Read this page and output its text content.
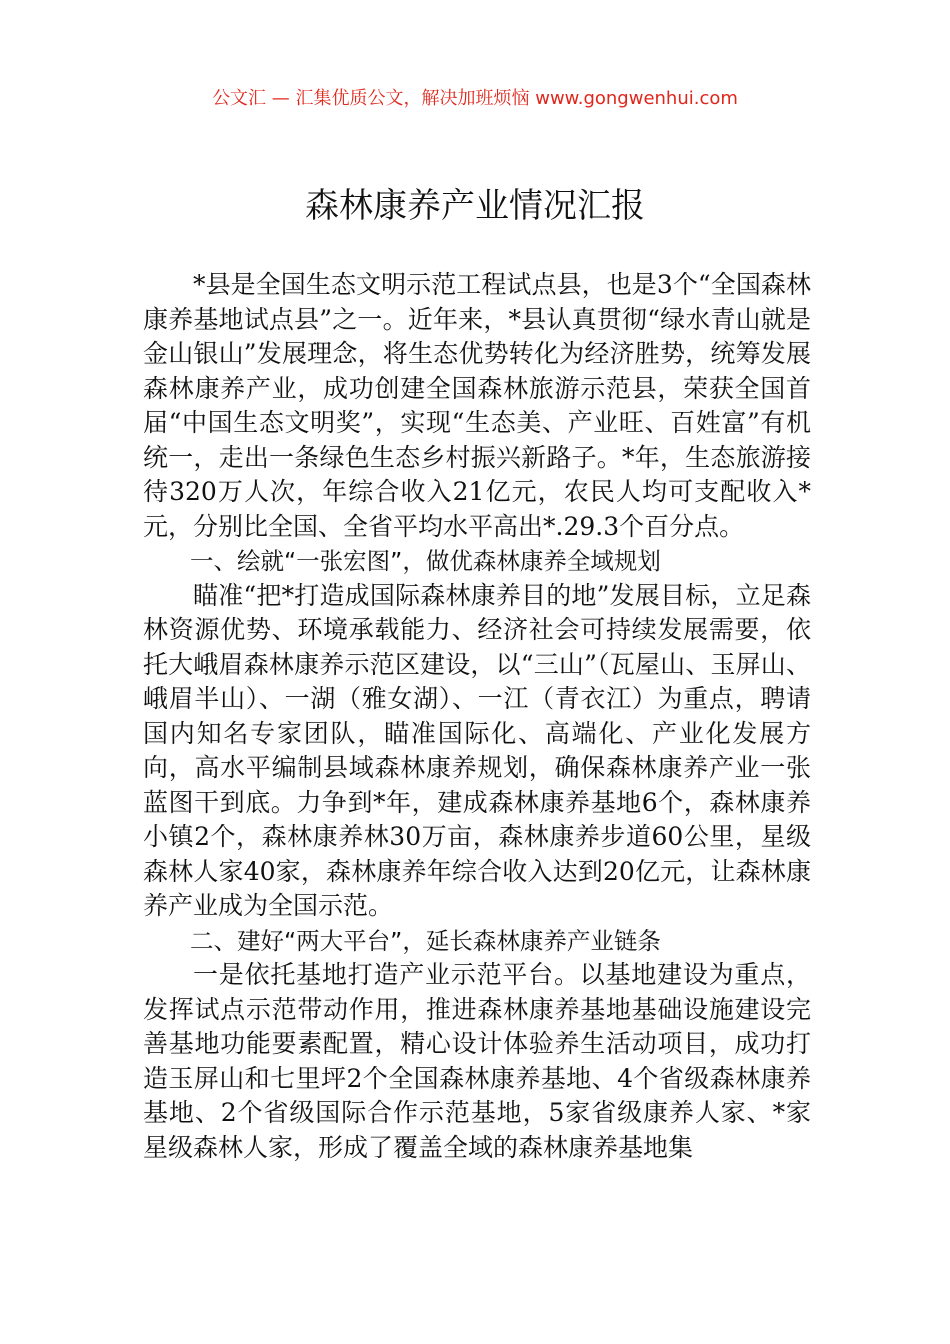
公文汇 — 汇集优质公文，解决加班烦恼 www.gongwenhui.com
森林康养产业情况汇报

*县是全国生态文明示范工程试点县，也是3个“全国森林康养基地试点县”之一。近年来，*县认真贯彻“绿水青山就是金山银山”发展理念，将生态优势转化为经济胜势，统筹发展森林康养产业，成功创建全国森林旅游示范县，荣获全国首届“中国生态文明奖”，实现“生态美、产业旺、百姓富”有机统一，走出一条绿色生态乡村振兴新路子。*年，生态旅游接待320万人次，年综合收入21亿元，农民人均可支配收入*元，分别比全国、全省平均水平高出*.29.3个百分点。

一、绘就“一张宏图”，做优森林康养全域规划

瞄准“把*打造成国际森林康养目的地”发展目标，立足森林资源优势、环境承载能力、经济社会可持续发展需要，依托大峨眉森林康养示范区建设，以“三山”（瓦屋山、玉屏山、峨眉半山）、一湖（雅女湖）、一江（青衣江）为重点，聘请国内知名专家团队，瞄准国际化、高端化、产业化发展方向，高水平编制县域森林康养规划，确保森林康养产业一张蓝图干到底。力争到*年，建成森林康养基地6个，森林康养小镇2个，森林康养林30万亩，森林康养步道60公里，星级森林人家40家，森林康养年综合收入达到20亿元，让森林康养产业成为全国示范。

二、建好“两大平台”，延长森林康养产业链条

一是依托基地打造产业示范平台。以基地建设为重点，发挥试点示范带动作用，推进森林康养基地基础设施建设完善基地功能要素配置，精心设计体验养生活动项目，成功打造玉屏山和七里坪2个全国森林康养基地、4个省级森林康养基地、2个省级国际合作示范基地，5家省级康养人家、*家星级森林人家，形成了覆盖全域的森林康养基地集
